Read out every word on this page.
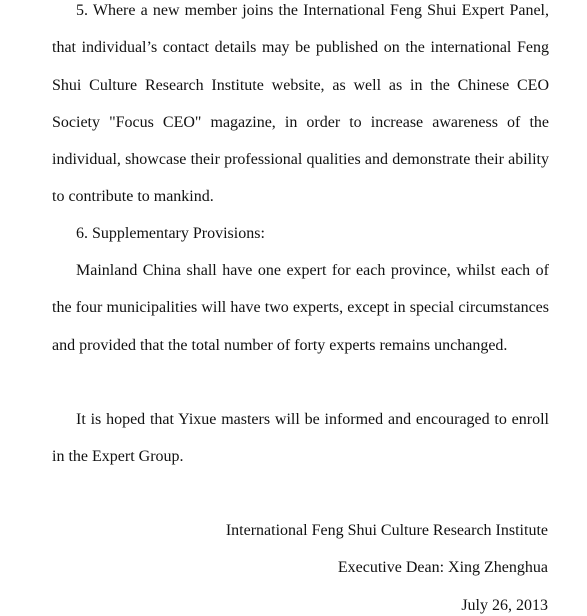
5. Where a new member joins the International Feng Shui Expert Panel, that individual’s contact details may be published on the international Feng Shui Culture Research Institute website, as well as in the Chinese CEO Society "Focus CEO" magazine, in order to increase awareness of the individual, showcase their professional qualities and demonstrate their ability to contribute to mankind.

6. Supplementary Provisions:

Mainland China shall have one expert for each province, whilst each of the four municipalities will have two experts, except in special circumstances and provided that the total number of forty experts remains unchanged.

It is hoped that Yixue masters will be informed and encouraged to enroll in the Expert Group.

International Feng Shui Culture Research Institute

Executive Dean: Xing Zhenghua

July 26, 2013
